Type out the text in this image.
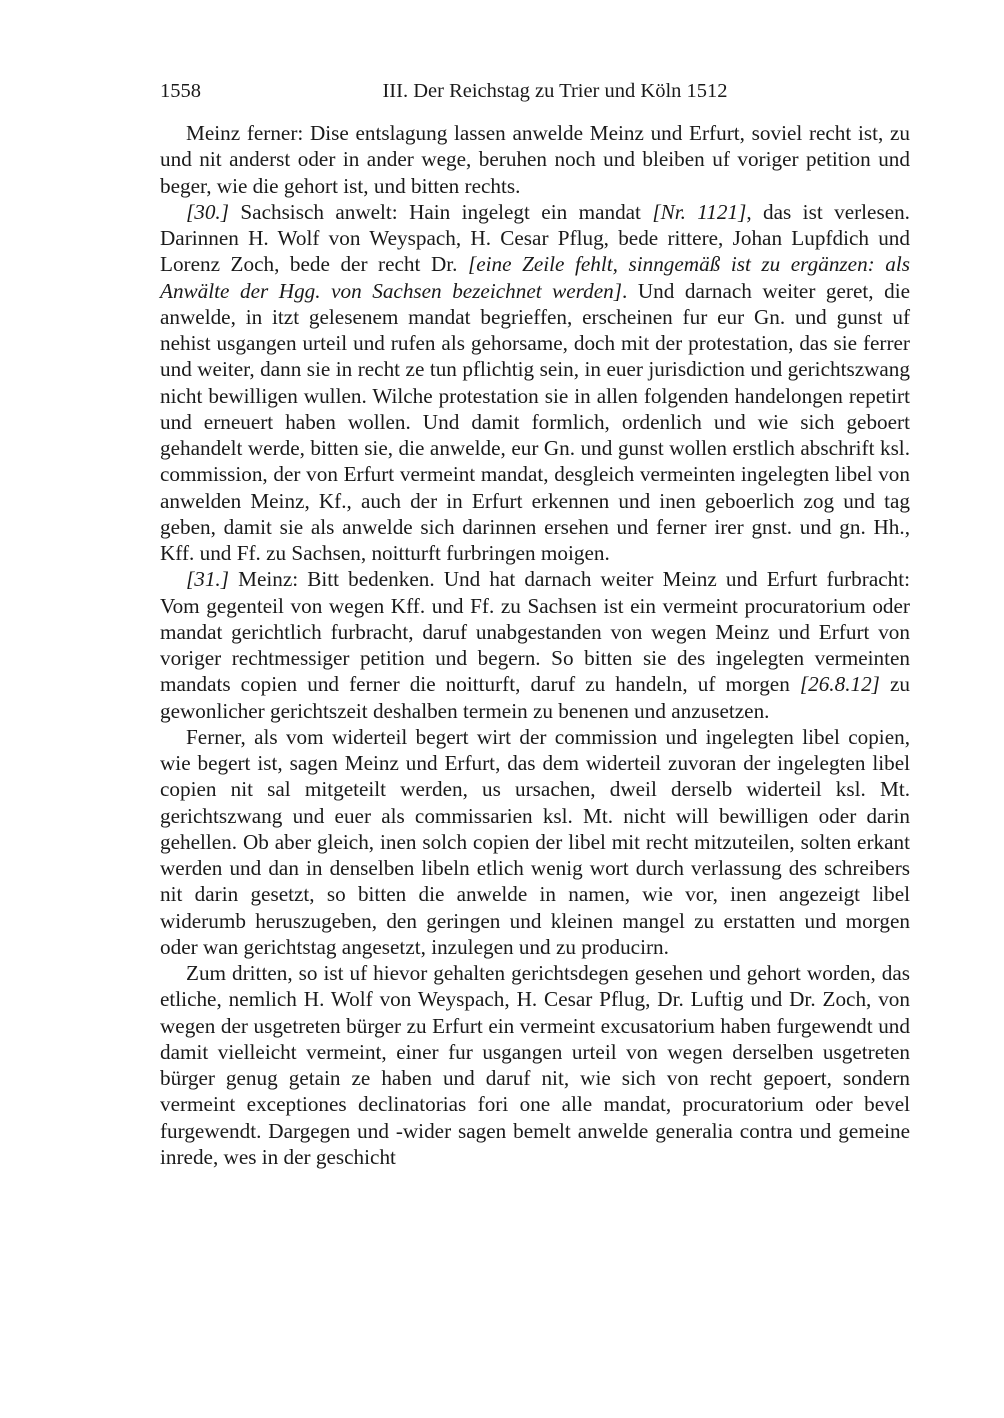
1558	III. Der Reichstag zu Trier und Köln 1512

Meinz ferner: Dise entslagung lassen anwelde Meinz und Erfurt, soviel recht ist, zu und nit anderst oder in ander wege, beruhen noch und bleiben uf voriger petition und beger, wie die gehort ist, und bitten rechts.

[30.] Sachsisch anwelt: Hain ingelegt ein mandat [Nr. 1121], das ist verlesen. Darinnen H. Wolf von Weyspach, H. Cesar Pflug, bede rittere, Johan Lupfdich und Lorenz Zoch, bede der recht Dr. [eine Zeile fehlt, sinngemäß ist zu ergänzen: als Anwälte der Hgg. von Sachsen bezeichnet werden]. Und darnach weiter geret, die anwelde, in itzt gelesenem mandat begrieffen, erscheinen fur eur Gn. und gunst uf nehist usgangen urteil und rufen als gehorsame, doch mit der protestation, das sie ferrer und weiter, dann sie in recht ze tun pflichtig sein, in euer jurisdiction und gerichtszwang nicht bewilligen wullen. Wilche protestation sie in allen folgenden handelongen repetirt und erneuert haben wollen. Und damit formlich, ordenlich und wie sich geboert gehandelt werde, bitten sie, die anwelde, eur Gn. und gunst wollen erstlich abschrift ksl. commission, der von Erfurt vermeint mandat, desgleich vermeinten ingelegten libel von anwelden Meinz, Kf., auch der in Erfurt erkennen und inen geboerlich zog und tag geben, damit sie als anwelde sich darinnen ersehen und ferner irer gnst. und gn. Hh., Kff. und Ff. zu Sachsen, noitturft furbringen moigen.

[31.] Meinz: Bitt bedenken. Und hat darnach weiter Meinz und Erfurt furbracht: Vom gegenteil von wegen Kff. und Ff. zu Sachsen ist ein vermeint procuratorium oder mandat gerichtlich furbracht, daruf unabgestanden von wegen Meinz und Erfurt von voriger rechtmessiger petition und begern. So bitten sie des ingelegten vermeinten mandats copien und ferner die noitturft, daruf zu handeln, uf morgen [26.8.12] zu gewonlicher gerichtszeit deshalben termein zu benenen und anzusetzen.

Ferner, als vom widerteil begert wirt der commission und ingelegten libel copien, wie begert ist, sagen Meinz und Erfurt, das dem widerteil zuvoran der ingelegten libel copien nit sal mitgeteilt werden, us ursachen, dweil derselb widerteil ksl. Mt. gerichtszwang und euer als commissarien ksl. Mt. nicht will bewilligen oder darin gehellen. Ob aber gleich, inen solch copien der libel mit recht mitzuteilen, solten erkant werden und dan in denselben libeln etlich wenig wort durch verlassung des schreibers nit darin gesetzt, so bitten die anwelde in namen, wie vor, inen angezeigt libel widerumb heruszugeben, den geringen und kleinen mangel zu erstatten und morgen oder wan gerichtstag angesetzt, inzulegen und zu producirn.

Zum dritten, so ist uf hievor gehalten gerichtsdegen gesehen und gehort worden, das etliche, nemlich H. Wolf von Weyspach, H. Cesar Pflug, Dr. Luftig und Dr. Zoch, von wegen der usgetreten bürger zu Erfurt ein vermeint excusatorium haben furgewendt und damit vielleicht vermeint, einer fur usgangen urteil von wegen derselben usgetreten bürger genug getain ze haben und daruf nit, wie sich von recht gepoert, sondern vermeint exceptiones declinatorias fori one alle mandat, procuratorium oder bevel furgewendt. Dargegen und -wider sagen bemelt anwelde generalia contra und gemeine inrede, wes in der geschicht
